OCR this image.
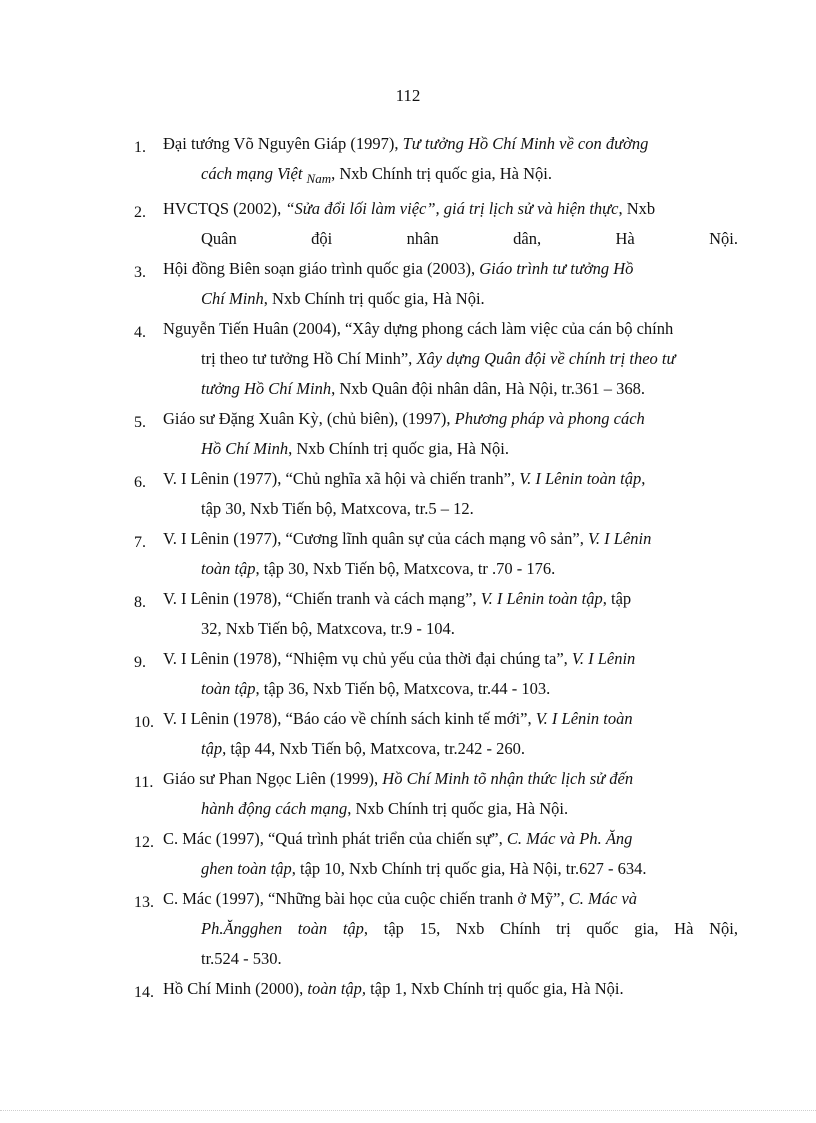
112
1.	Đại tướng Võ Nguyên Giáp (1997), Tư tưởng Hồ Chí Minh về con đường
cách mạng Việt $_{Nam}$, Nxb Chính trị quốc gia, Hà Nội.
2.	HVCTQS (2002), “Sửa đổi lối làm việc”, giá trị lịch sử và hiện thực, Nxb
Quân đội nhân dân, Hà Nội.
3.	Hội đồng Biên soạn giáo trình quốc gia (2003), Giáo trình tư tưởng Hồ
Chí Minh, Nxb Chính trị quốc gia, Hà Nội.
4.	Nguyễn Tiến Huân (2004), “Xây dựng phong cách làm việc của cán bộ chính
trị theo tư tưởng Hồ Chí Minh”, Xây dựng Quân đội về chính trị theo tư
tưởng Hồ Chí Minh, Nxb Quân đội nhân dân, Hà Nội, tr.361 – 368.
5.	Giáo sư Đặng Xuân Kỳ, (chủ biên), (1997), Phương pháp và phong cách
Hồ Chí Minh, Nxb Chính trị quốc gia, Hà Nội.
6.	V. I Lênin (1977), “Chủ nghĩa xã hội và chiến tranh”, V. I Lênin toàn tập,
tập 30, Nxb Tiến bộ, Matxcova, tr.5 – 12.
7.	V. I Lênin (1977), “Cương lĩnh quân sự của cách mạng vô sản”, V. I Lênin
toàn tập, tập 30, Nxb Tiến bộ, Matxcova, tr .70 - 176.
8.	V. I Lênin (1978), “Chiến tranh và cách mạng”, V. I Lênin toàn tập, tập
32, Nxb Tiến bộ, Matxcova, tr.9 - 104.
9.	V. I Lênin (1978), “Nhiệm vụ chủ yếu của thời đại chúng ta”, V. I Lênin
toàn tập, tập 36, Nxb Tiến bộ, Matxcova, tr.44 - 103.
10. V. I Lênin (1978), “Báo cáo về chính sách kinh tế mới”, V. I Lênin toàn
tập, tập 44, Nxb Tiến bộ, Matxcova, tr.242 - 260.
11. Giáo sư Phan Ngọc Liên (1999), Hồ Chí Minh tõ nhận thức lịch sử đến
hành động cách mạng, Nxb Chính trị quốc gia, Hà Nội.
12. C. Mác (1997), “Quá trình phát triển của chiến sự”, C. Mác và Ph. Ăng
ghen toàn tập, tập 10, Nxb Chính trị quốc gia, Hà Nội, tr.627 - 634.
13. C. Mác (1997), “Những bài học của cuộc chiến tranh ở Mỹ”, C. Mác và
Ph.Ăngghen toàn tập, tập 15, Nxb Chính trị quốc gia, Hà Nội,
tr.524 - 530.
14. Hồ Chí Minh (2000), toàn tập, tập 1, Nxb Chính trị quốc gia, Hà Nội.
